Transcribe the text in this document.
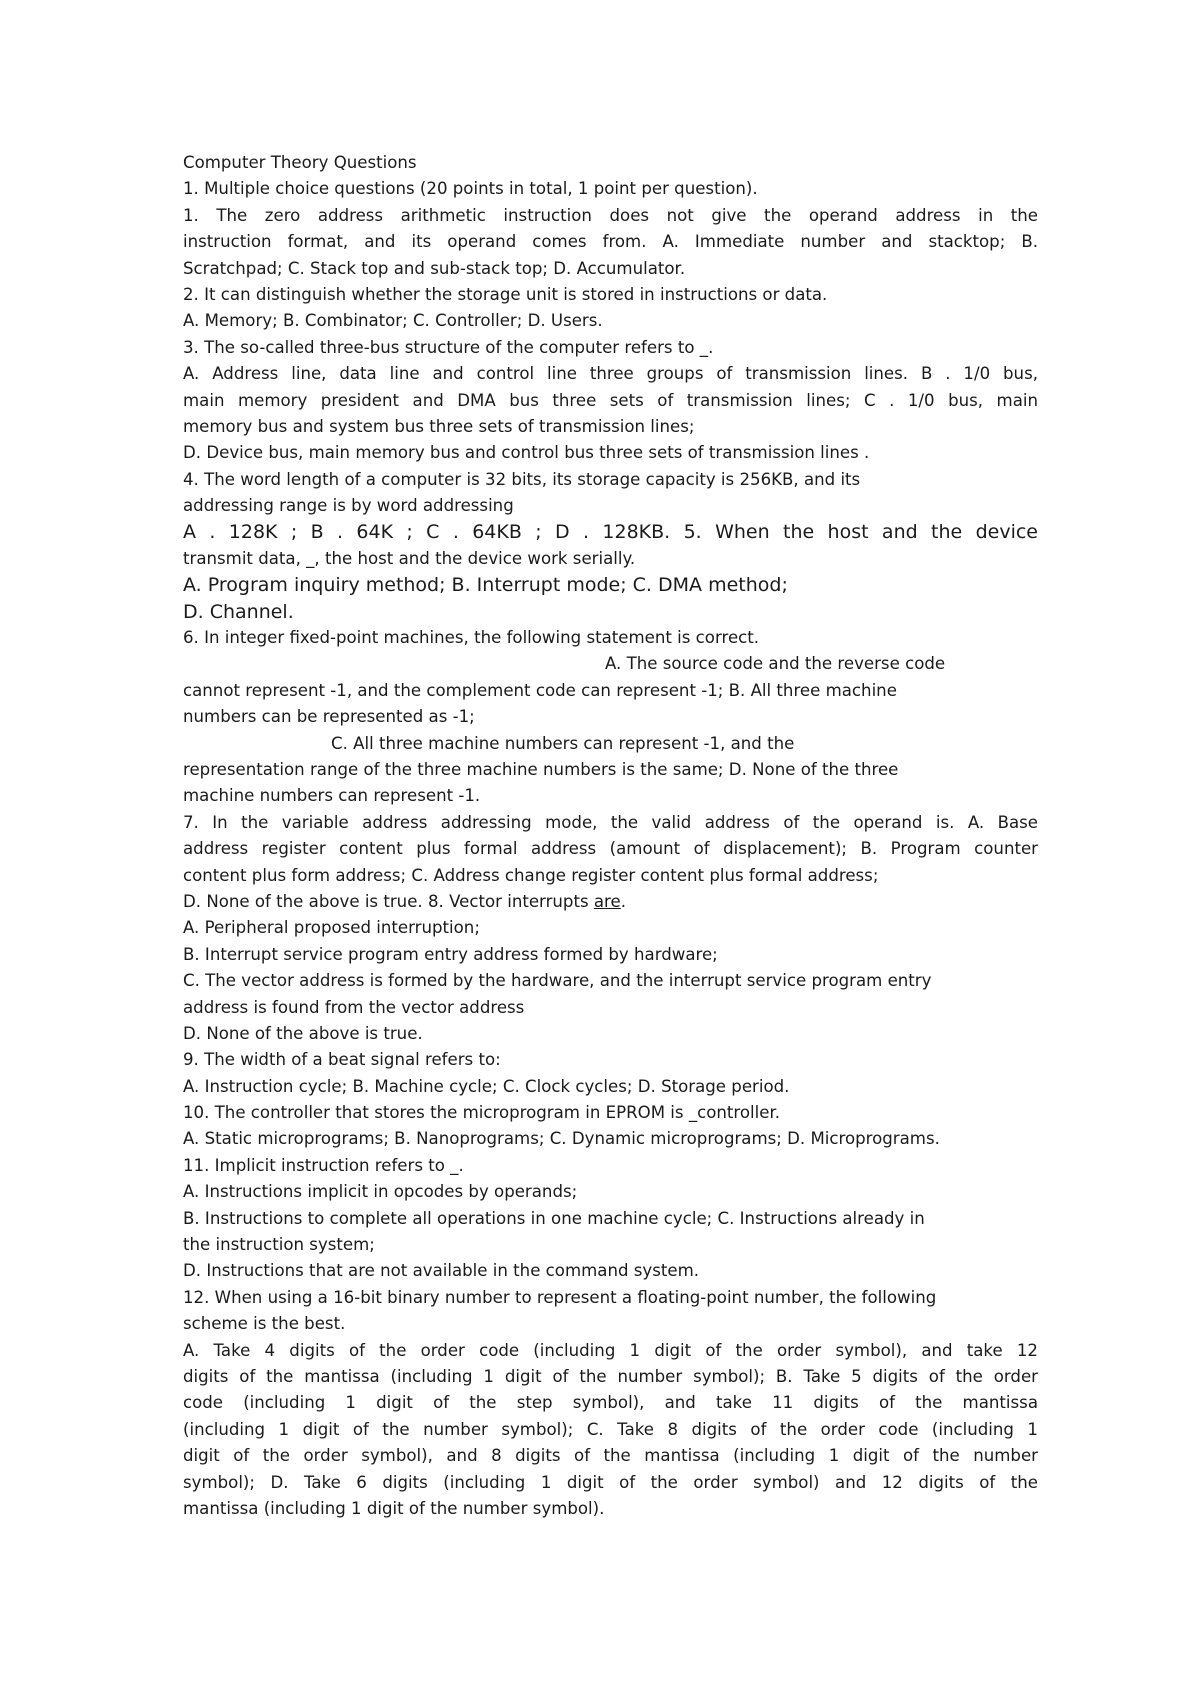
Computer Theory Questions
1. Multiple choice questions (20 points in total, 1 point per question).
1. The zero address arithmetic instruction does not give the operand address in the
instruction format, and its operand comes from. A. Immediate number and stacktop; B.
Scratchpad; C. Stack top and sub-stack top; D. Accumulator.
2. It can distinguish whether the storage unit is stored in instructions or data.
A. Memory; B. Combinator; C. Controller; D. Users.
3. The so-called three-bus structure of the computer refers to _.
A. Address line, data line and control line three groups of transmission lines. B . 1/0 bus,
main memory president and DMA bus three sets of transmission lines; C . 1/0 bus, main
memory bus and system bus three sets of transmission lines;
D. Device bus, main memory bus and control bus three sets of transmission lines .
4. The word length of a computer is 32 bits, its storage capacity is 256KB, and its
addressing range is by word addressing
A . 128K ; B . 64K ; C . 64KB ; D . 128KB. 5. When the host and the device
transmit data, _, the host and the device work serially.
A. Program inquiry method; B. Interrupt mode; C. DMA method;
D. Channel.
6. In integer fixed-point machines, the following statement is correct.
A. The source code and the reverse code
cannot represent -1, and the complement code can represent -1; B. All three machine
numbers can be represented as -1;
C. All three machine numbers can represent -1, and the
representation range of the three machine numbers is the same; D. None of the three
machine numbers can represent -1.
7. In the variable address addressing mode, the valid address of the operand is. A. Base
address register content plus formal address (amount of displacement); B. Program counter
content plus form address; C. Address change register content plus formal address;
D. None of the above is true. 8. Vector interrupts are.
A. Peripheral proposed interruption;
B. Interrupt service program entry address formed by hardware;
C. The vector address is formed by the hardware, and the interrupt service program entry
address is found from the vector address
D. None of the above is true.
9. The width of a beat signal refers to:
A. Instruction cycle; B. Machine cycle; C. Clock cycles; D. Storage period.
10. The controller that stores the microprogram in EPROM is _controller.
A. Static microprograms; B. Nanoprograms; C. Dynamic microprograms; D. Microprograms.
11. Implicit instruction refers to _.
A. Instructions implicit in opcodes by operands;
B. Instructions to complete all operations in one machine cycle; C. Instructions already in
the instruction system;
D. Instructions that are not available in the command system.
12. When using a 16-bit binary number to represent a floating-point number, the following
scheme is the best.
A. Take 4 digits of the order code (including 1 digit of the order symbol), and take 12
digits of the mantissa (including 1 digit of the number symbol); B. Take 5 digits of the order
code (including 1 digit of the step symbol), and take 11 digits of the mantissa
(including 1 digit of the number symbol); C. Take 8 digits of the order code (including 1
digit of the order symbol), and 8 digits of the mantissa (including 1 digit of the number
symbol); D. Take 6 digits (including 1 digit of the order symbol) and 12 digits of the
mantissa (including 1 digit of the number symbol).
